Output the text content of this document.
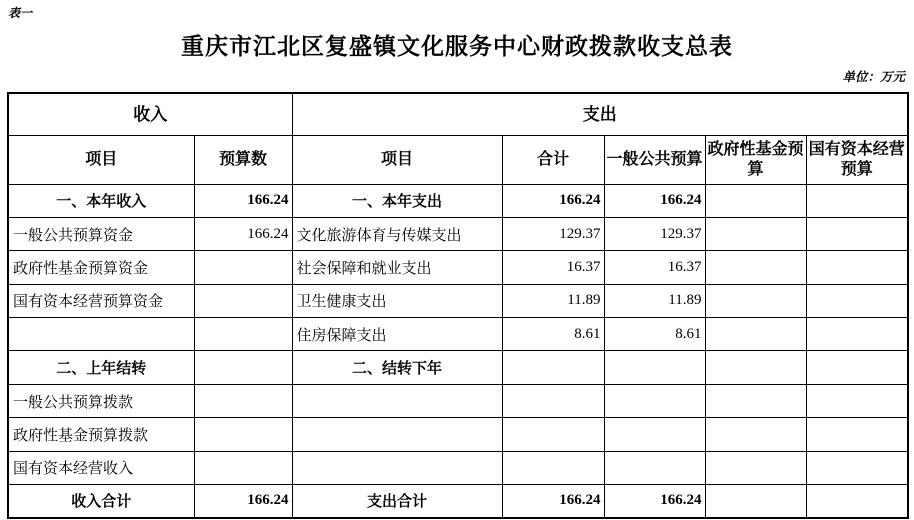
表一
重庆市江北区复盛镇文化服务中心财政拨款收支总表
单位：万元
收入		支出				
项目	预算数	项目	合计	一般公共预算	政府性基金预算	国有资本经营预算
一、本年收入	166.24	一、本年支出	166.24	166.24		
一般公共预算资金	166.24	文化旅游体育与传媒支出	129.37	129.37		
政府性基金预算资金		社会保障和就业支出	16.37	16.37		
国有资本经营预算资金		卫生健康支出	11.89	11.89		
		住房保障支出	8.61	8.61		
二、上年结转		二、结转下年				
一般公共预算拨款						
政府性基金预算拨款						
国有资本经营收入						
收入合计	166.24	支出合计	166.24	166.24		
